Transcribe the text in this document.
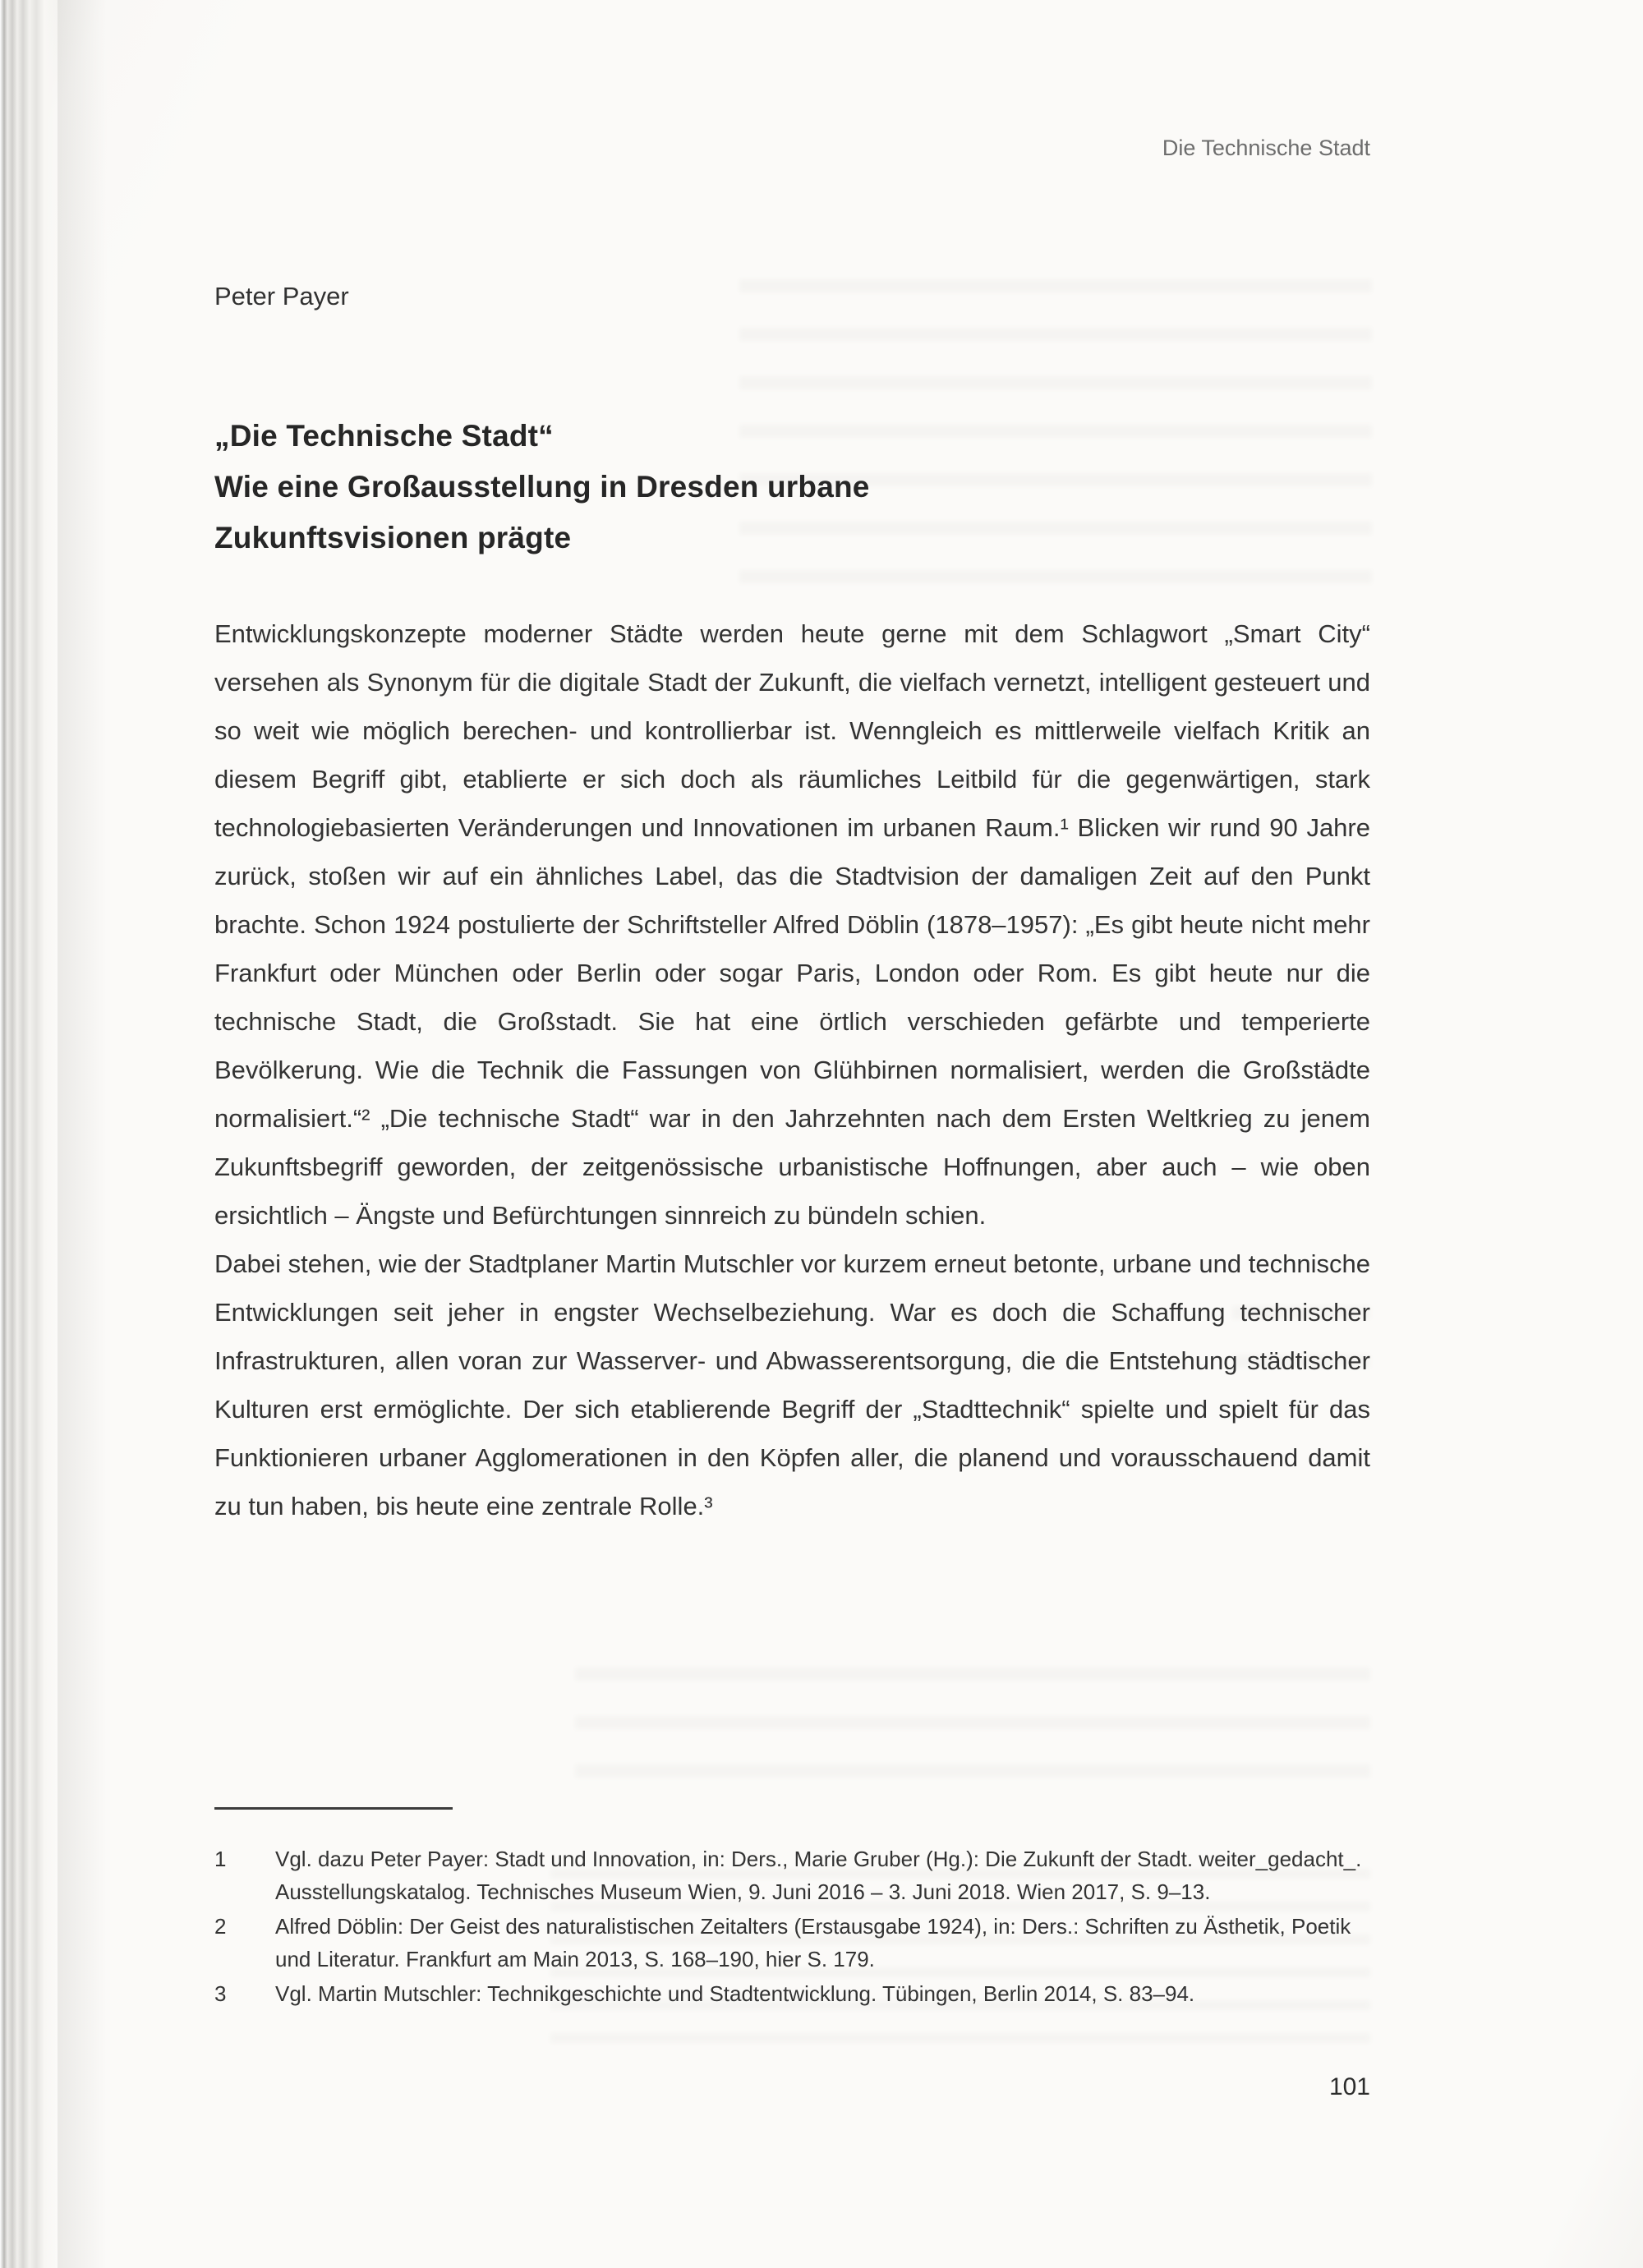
Die Technische Stadt
Peter Payer
„Die Technische Stadt“
Wie eine Großausstellung in Dresden urbane
Zukunftsvisionen prägte

Entwicklungskonzepte moderner Städte werden heute gerne mit dem Schlagwort „Smart City“ versehen als Synonym für die digitale Stadt der Zukunft, die vielfach vernetzt, intelligent gesteuert und so weit wie möglich berechen- und kontrollierbar ist. Wenngleich es mittlerweile vielfach Kritik an diesem Begriff gibt, etablierte er sich doch als räumliches Leitbild für die gegenwärtigen, stark technologiebasierten Veränderungen und Innovationen im urbanen Raum.¹ Blicken wir rund 90 Jahre zurück, stoßen wir auf ein ähnliches Label, das die Stadtvision der damaligen Zeit auf den Punkt brachte. Schon 1924 postulierte der Schriftsteller Alfred Döblin (1878–1957): „Es gibt heute nicht mehr Frankfurt oder München oder Berlin oder sogar Paris, London oder Rom. Es gibt heute nur die technische Stadt, die Großstadt. Sie hat eine örtlich verschieden gefärbte und temperierte Bevölkerung. Wie die Technik die Fassungen von Glühbirnen normalisiert, werden die Großstädte normalisiert.“² „Die technische Stadt“ war in den Jahrzehnten nach dem Ersten Weltkrieg zu jenem Zukunftsbegriff geworden, der zeitgenössische urbanistische Hoffnungen, aber auch – wie oben ersichtlich – Ängste und Befürchtungen sinnreich zu bündeln schien.

Dabei stehen, wie der Stadtplaner Martin Mutschler vor kurzem erneut betonte, urbane und technische Entwicklungen seit jeher in engster Wechselbeziehung. War es doch die Schaffung technischer Infrastrukturen, allen voran zur Wasserver- und Abwasserentsorgung, die die Entstehung städtischer Kulturen erst ermöglichte. Der sich etablierende Begriff der „Stadttechnik“ spielte und spielt für das Funktionieren urbaner Agglomerationen in den Köpfen aller, die planend und vorausschauend damit zu tun haben, bis heute eine zentrale Rolle.³

1	Vgl. dazu Peter Payer: Stadt und Innovation, in: Ders., Marie Gruber (Hg.): Die Zukunft der Stadt. weiter_gedacht_. Ausstellungskatalog. Technisches Museum Wien, 9. Juni 2016 – 3. Juni 2018. Wien 2017, S. 9–13.
2	Alfred Döblin: Der Geist des naturalistischen Zeitalters (Erstausgabe 1924), in: Ders.: Schriften zu Ästhetik, Poetik und Literatur. Frankfurt am Main 2013, S. 168–190, hier S. 179.
3	Vgl. Martin Mutschler: Technikgeschichte und Stadtentwicklung. Tübingen, Berlin 2014, S. 83–94.
101
